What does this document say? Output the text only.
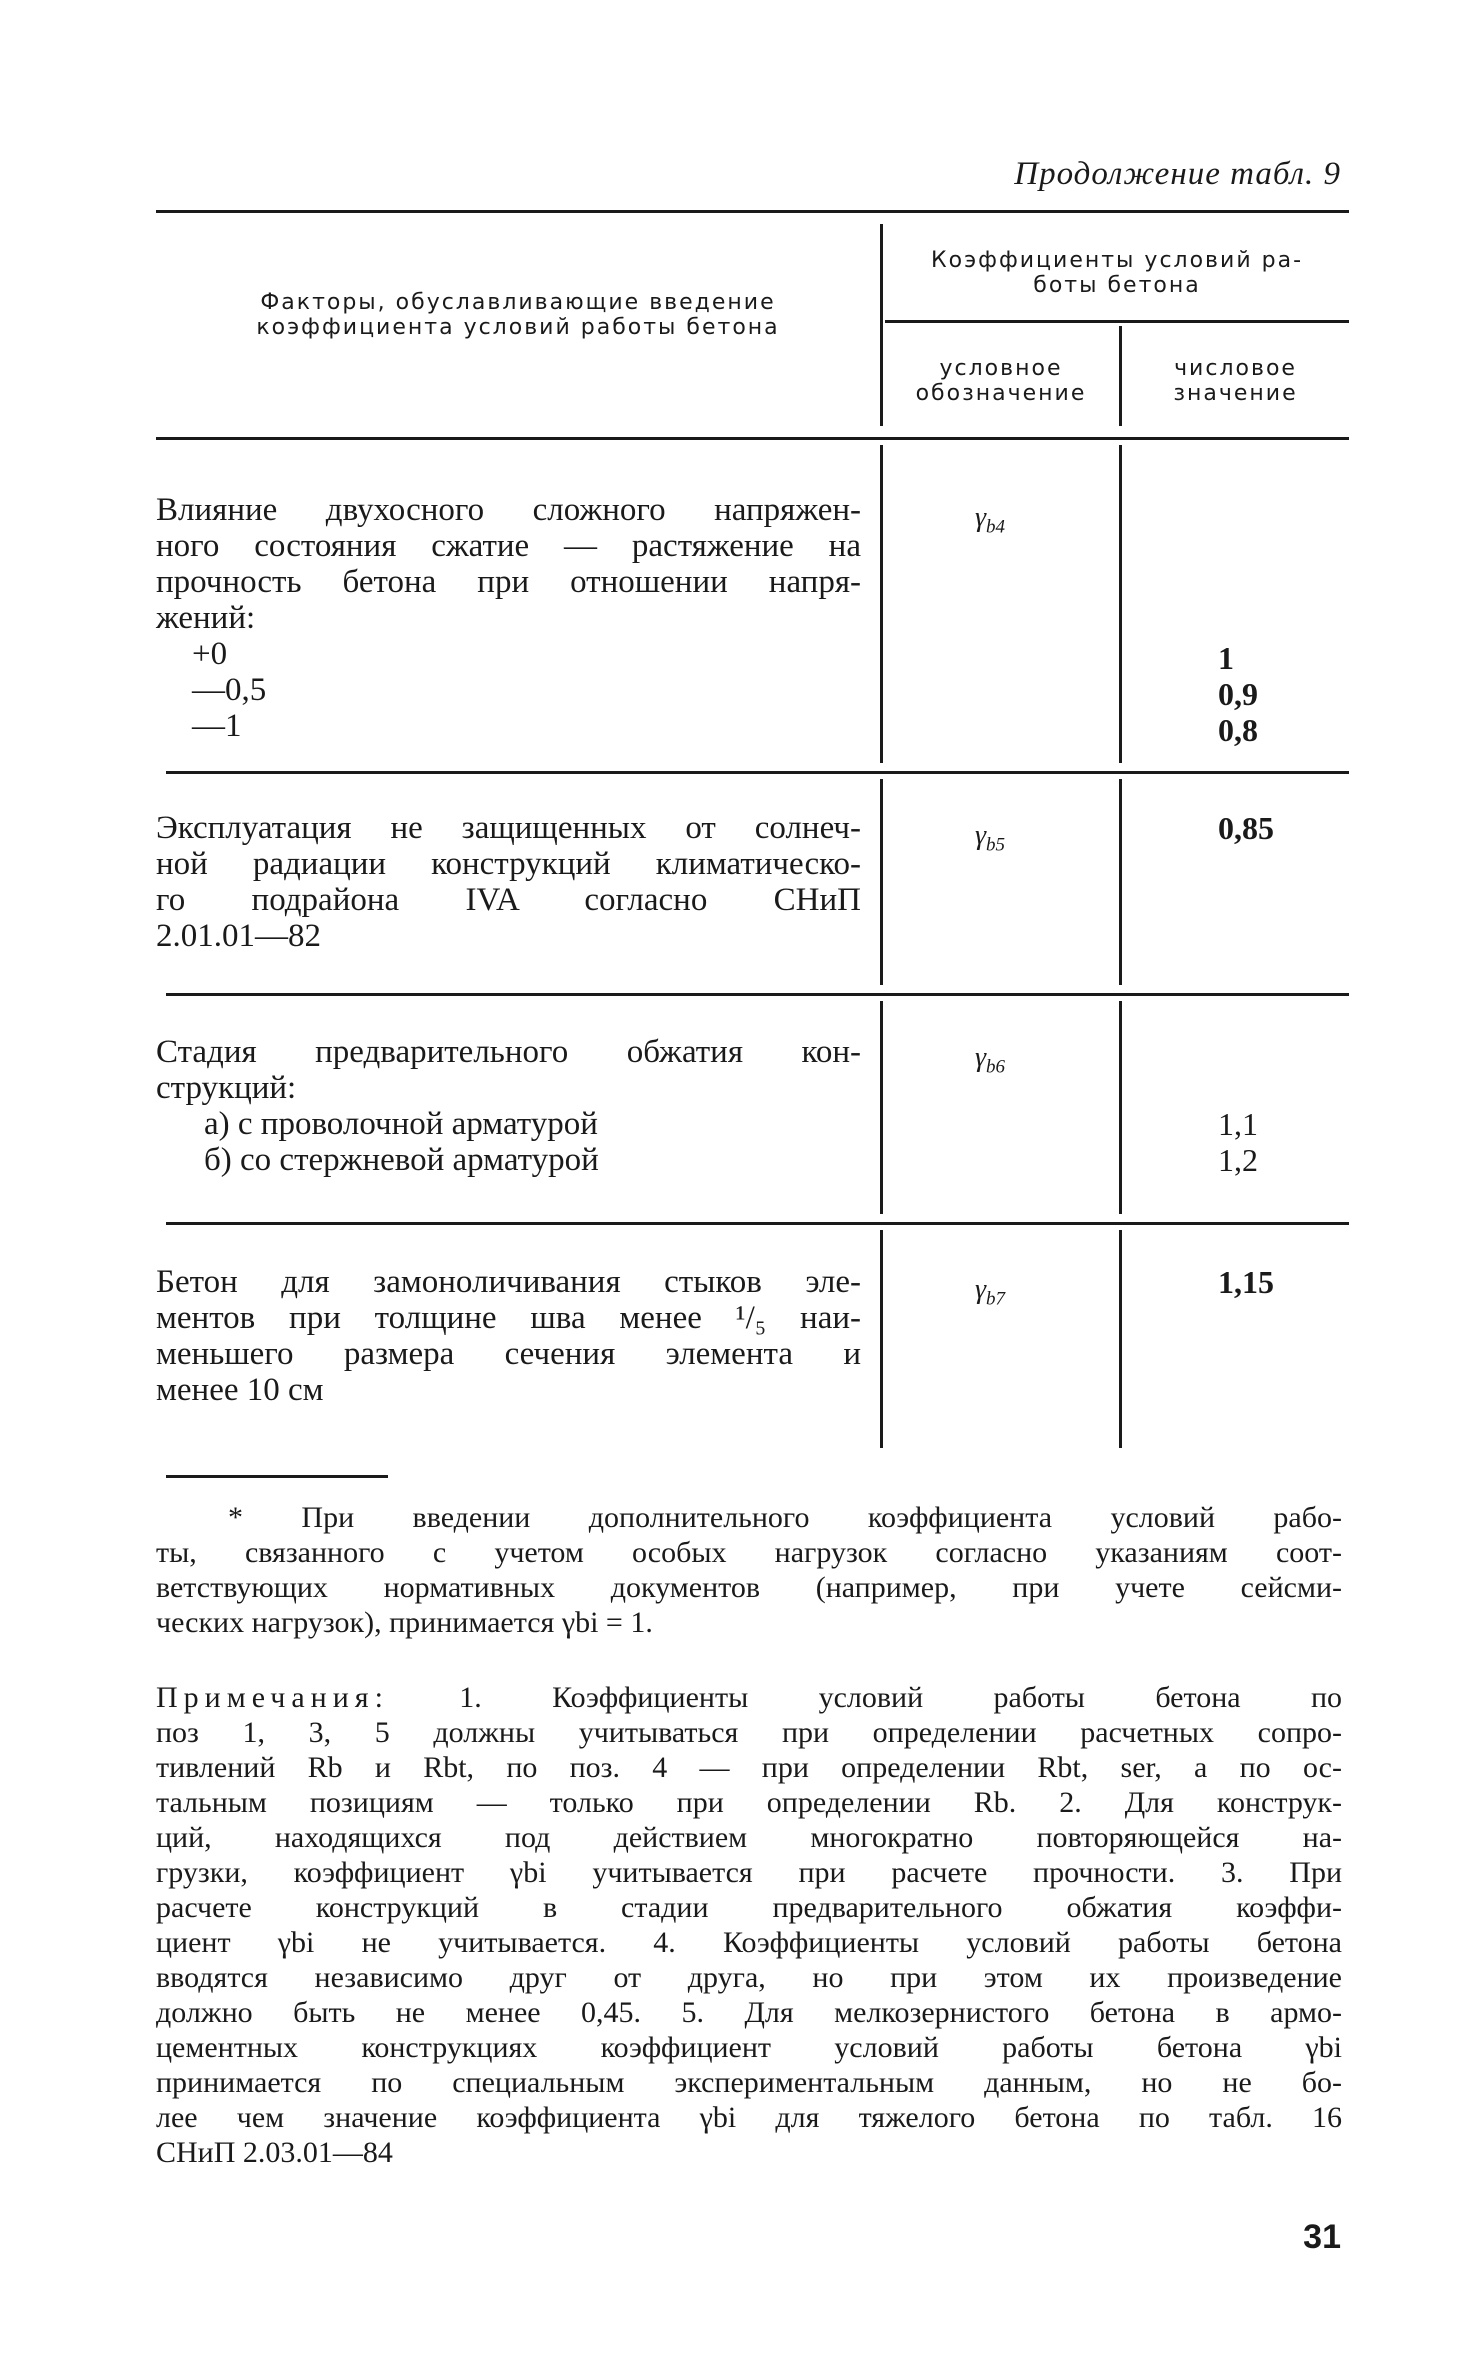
Продолжение табл. 9
Факторы, обуславливающие введение
коэффициента условий работы бетона
Коэффициенты условий ра-
боты бетона
условное
обозначение
числовое
значение
Влияние двухосного сложного напряжен-
ного состояния сжатие — растяжение на
прочность бетона при отношении напря-
жений:
+0
—0,5
—1
$\gamma_{b4}$
1
0,9
0,8
Эксплуатация не защищенных от солнеч-
ной радиации конструкций климатическо-
го подрайона IVA согласно СНиП
2.01.01—82
$\gamma_{b5}$	0,85
Стадия предварительного обжатия кон-
струкций:
а) с проволочной арматурой
б) со стержневой арматурой
$\gamma_{b6}$
1,1
1,2
Бетон для замоноличивания стыков эле-
ментов при толщине шва менее ¹/₅ наи-
меньшего размера сечения элемента и
менее 10 см
$\gamma_{b7}$	1,15
* При введении дополнительного коэффициента условий рабо-
ты, связанного с учетом особых нагрузок согласно указаниям соот-
ветствующих нормативных документов (например, при учете сейсми-
ческих нагрузок), принимается γbi = 1.
Примечания: 1. Коэффициенты условий работы бетона по
поз 1, 3, 5 должны учитываться при определении расчетных сопро-
тивлений Rb и Rbt, по поз. 4 — при определении Rbt, ser, а по ос-
тальным позициям — только при определении Rb. 2. Для конструк-
ций, находящихся под действием многократно повторяющейся на-
грузки, коэффициент γbi учитывается при расчете прочности. 3. При
расчете конструкций в стадии предварительного обжатия коэффи-
циент γbi не учитывается. 4. Коэффициенты условий работы бетона
вводятся независимо друг от друга, но при этом их произведение
должно быть не менее 0,45. 5. Для мелкозернистого бетона в армо-
цементных конструкциях коэффициент условий работы бетона γbi
принимается по специальным экспериментальным данным, но не бо-
лее чем значение коэффициента γbi для тяжелого бетона по табл. 16
СНиП 2.03.01—84
31
